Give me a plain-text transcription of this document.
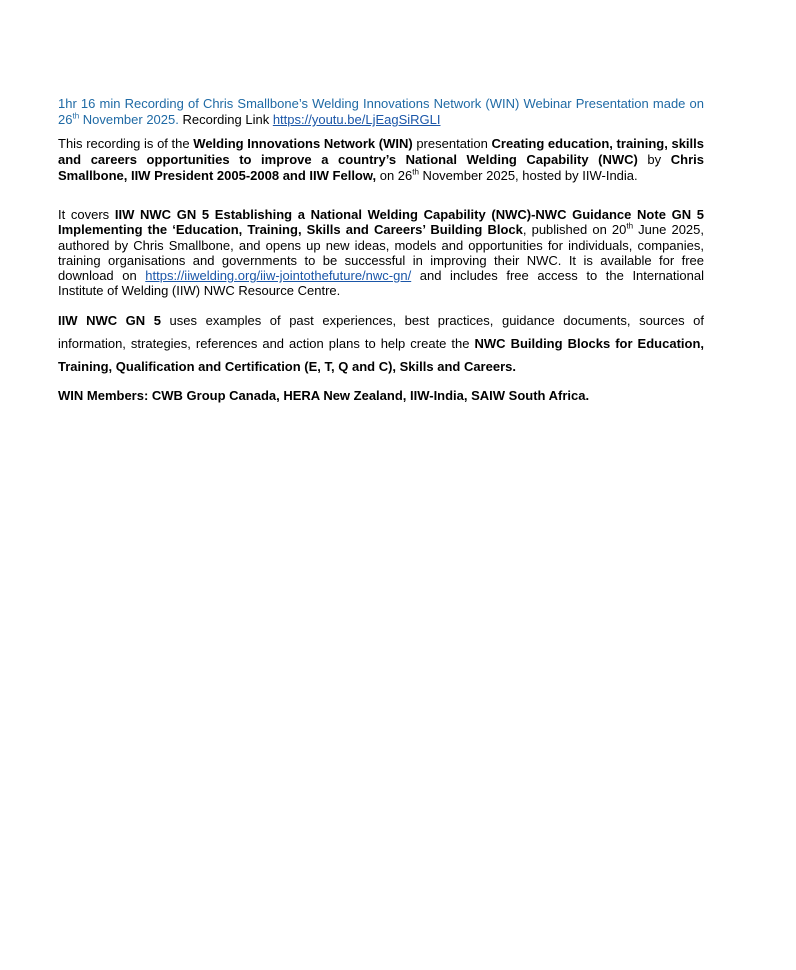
1hr 16 min Recording of Chris Smallbone’s Welding Innovations Network (WIN) Webinar Presentation made on 26th November 2025. Recording Link https://youtu.be/LjEagSiRGLI

This recording is of the Welding Innovations Network (WIN) presentation Creating education, training, skills and careers opportunities to improve a country’s National Welding Capability (NWC) by Chris Smallbone, IIW President 2005-2008 and IIW Fellow, on 26th November 2025, hosted by IIW-India.

It covers IIW NWC GN 5 Establishing a National Welding Capability (NWC)-NWC Guidance Note GN 5 Implementing the ‘Education, Training, Skills and Careers’ Building Block, published on 20th June 2025, authored by Chris Smallbone, and opens up new ideas, models and opportunities for individuals, companies, training organisations and governments to be successful in improving their NWC. It is available for free download on https://iiwelding.org/iiw-jointothefuture/nwc-gn/ and includes free access to the International Institute of Welding (IIW) NWC Resource Centre.

IIW NWC GN 5 uses examples of past experiences, best practices, guidance documents, sources of information, strategies, references and action plans to help create the NWC Building Blocks for Education, Training, Qualification and Certification (E, T, Q and C), Skills and Careers.

WIN Members: CWB Group Canada, HERA New Zealand, IIW-India, SAIW South Africa.
